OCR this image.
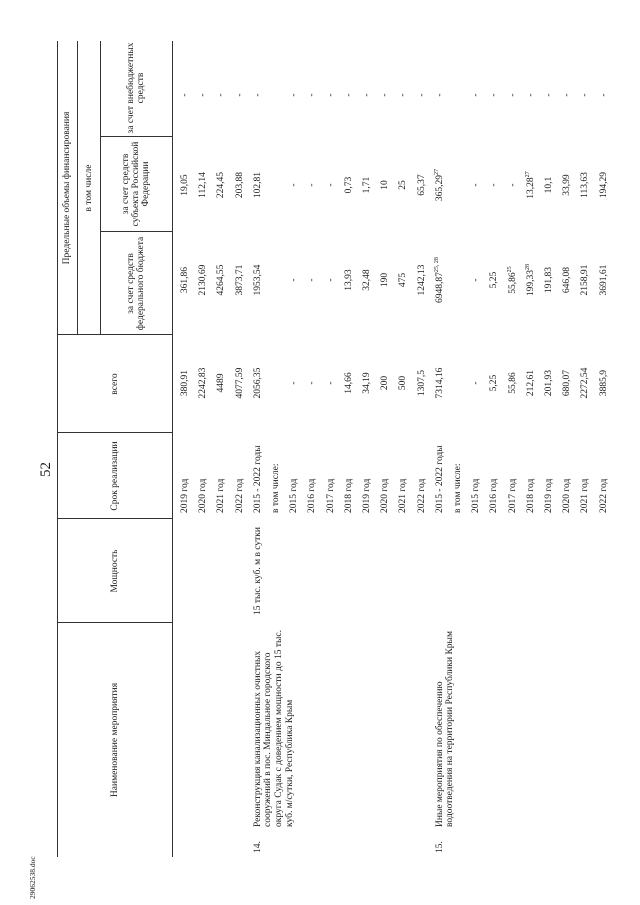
52
29062538.doc
Наименование мероприятия
Мощность
Срок реализации
всего
Предельные объемы финансирования	в том числе
за счет средств федерального бюджета
за счет средств субъекта Российской Федерации
за счет внебюджетных средств
2019 год
380,91
361,86
19,05
-
2020 год
2242,83
2130,69
112,14
-
2021 год
4489
4264,55
224,45
-
2022 год
4077,59
3873,71
203,88
-
14.
Реконструкция канализационных очистных сооружений в пос. Миндальное городского округа Судак с доведением мощности до 15 тыс. куб. м/сутки, Республика Крым
15 тыс. куб. м в сутки
2015 - 2022 годы
2056,35
1953,54
102,81
-
в том числе: 2015 год
-
-
-
-
2016 год
-
-
-
-
2017 год
-
-
-
-
2018 год
14,66
13,93
0,73
-
2019 год
34,19
32,48
1,71
-
2020 год
200
190
10
-
2021 год
500
475
25
-
2022 год
1307,5
1242,13
65,37
-
15.
Иные мероприятия по обеспечению водоотведения на территории Республики Крым
2015 - 2022 годы
7314,16
6948,87$^{25, 28}$
365,29$^{27}$
-
в том числе: 2015 год
-
-
-
-
2016 год
5,25
5,25
-
-
2017 год
55,86
55,86$^{25}$
-
-
2018 год
212,61
199,33$^{28}$
13,28$^{27}$
-
2019 год
201,93
191,83
10,1
-
2020 год
680,07
646,08
33,99
-
2021 год
2272,54
2158,91
113,63
-
2022 год
3885,9
3691,61
194,29
-
